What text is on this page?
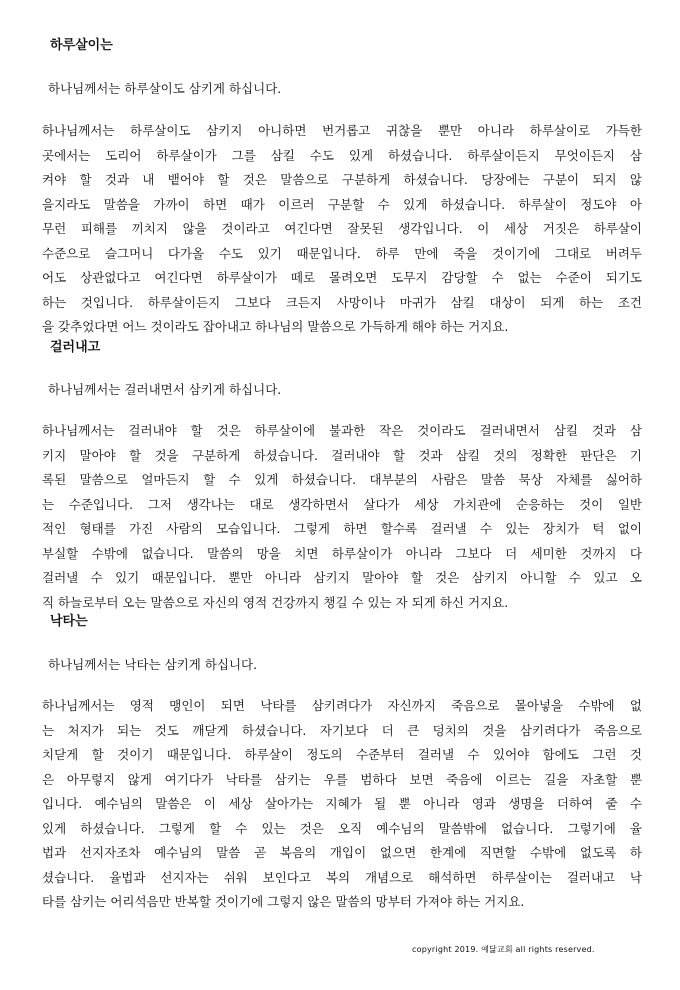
하루살이는

하나님께서는 하루살이도 삼키게 하십니다.

하나님께서는 하루살이도 삼키지 아니하면 번거롭고 귀찮을 뿐만 아니라 하루살이로 가득한
곳에서는 도리어 하루살이가 그를 삼킬 수도 있게 하셨습니다. 하루살이든지 무엇이든지 삼
켜야 할 것과 내 뱉어야 할 것은 말씀으로 구분하게 하셨습니다. 당장에는 구분이 되지 않
을지라도 말씀을 가까이 하면 때가 이르러 구분할 수 있게 하셨습니다. 하루살이 정도야 아
무런 피해를 끼치지 않을 것이라고 여긴다면 잘못된 생각입니다. 이 세상 거짓은 하루살이
수준으로 슬그머니 다가올 수도 있기 때문입니다. 하루 만에 죽을 것이기에 그대로 버려두
어도 상관없다고 여긴다면 하루살이가 떼로 몰려오면 도무지 감당할 수 없는 수준이 되기도
하는 것입니다. 하루살이든지 그보다 크든지 사망이나 마귀가 삼킬 대상이 되게 하는 조건
을 갖추었다면 어느 것이라도 잡아내고 하나님의 말씀으로 가득하게 해야 하는 거지요.
걸러내고

하나님께서는 걸러내면서 삼키게 하십니다.

하나님께서는 걸러내야 할 것은 하루살이에 불과한 작은 것이라도 걸러내면서 삼킬 것과 삼
키지 말아야 할 것을 구분하게 하셨습니다. 걸러내야 할 것과 삼킬 것의 정확한 판단은 기
록된 말씀으로 얼마든지 할 수 있게 하셨습니다. 대부분의 사람은 말씀 묵상 자체를 싫어하
는 수준입니다. 그저 생각나는 대로 생각하면서 살다가 세상 가치관에 순응하는 것이 일반
적인 형태를 가진 사람의 모습입니다. 그렇게 하면 할수록 걸러낼 수 있는 장치가 턱 없이
부실할 수밖에 없습니다. 말씀의 망을 치면 하루살이가 아니라 그보다 더 세미한 것까지 다
걸러낼 수 있기 때문입니다. 뿐만 아니라 삼키지 말아야 할 것은 삼키지 아니할 수 있고 오
직 하늘로부터 오는 말씀으로 자신의 영적 건강까지 챙길 수 있는 자 되게 하신 거지요.
낙타는

하나님께서는 낙타는 삼키게 하십니다.

하나님께서는 영적 맹인이 되면 낙타를 삼키려다가 자신까지 죽음으로 몰아넣을 수밖에 없
는 처지가 되는 것도 깨닫게 하셨습니다. 자기보다 더 큰 덩치의 것을 삼키려다가 죽음으로
치닫게 할 것이기 때문입니다. 하루살이 정도의 수준부터 걸러낼 수 있어야 함에도 그런 것
은 아무렇지 않게 여기다가 낙타를 삼키는 우를 범하다 보면 죽음에 이르는 길을 자초할 뿐
입니다. 예수님의 말씀은 이 세상 살아가는 지혜가 될 뿐 아니라 영과 생명을 더하여 줄 수
있게 하셨습니다. 그렇게 할 수 있는 것은 오직 예수님의 말씀밖에 없습니다. 그렇기에 율
법과 선지자조차 예수님의 말씀 곧 복음의 개입이 없으면 한계에 직면할 수밖에 없도록 하
셨습니다. 율법과 선지자는 쉬워 보인다고 복의 개념으로 해석하면 하루살이는 걸러내고 낙
타를 삼키는 어리석음만 반복할 것이기에 그렇지 않은 말씀의 망부터 가져야 하는 거지요.

copyright 2019. 예닮교회 all rights reserved.
